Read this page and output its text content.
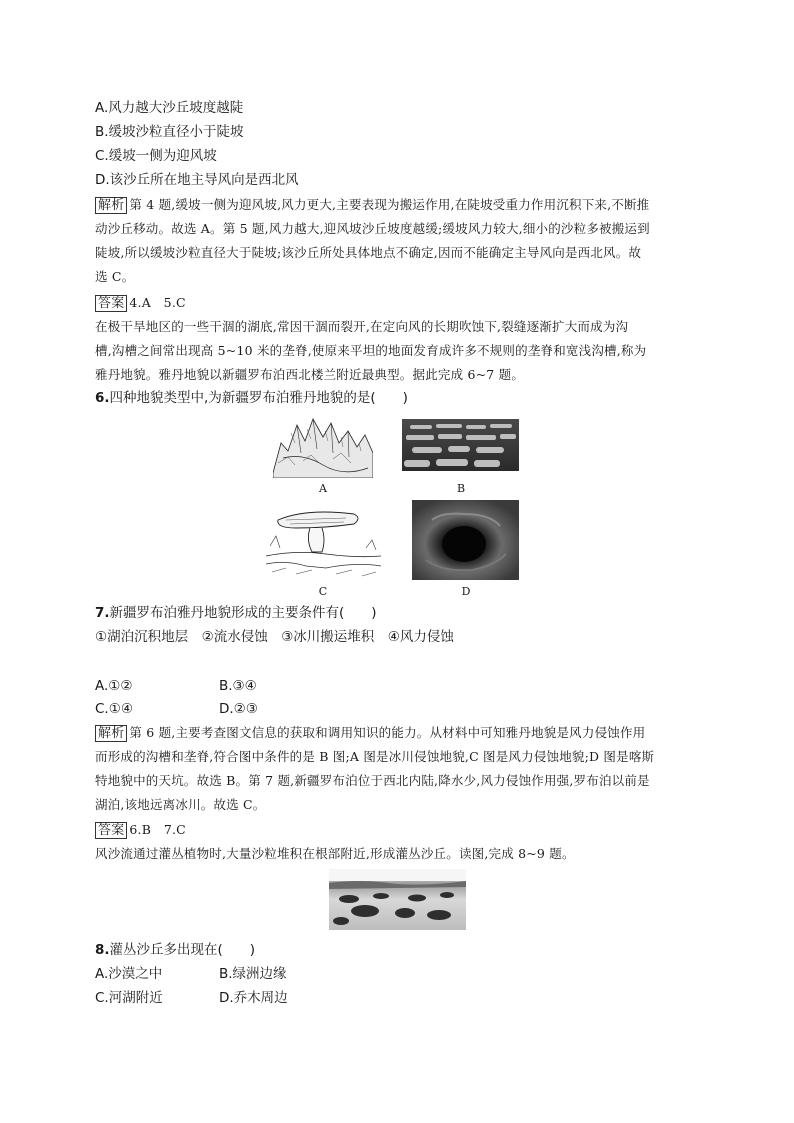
A.风力越大沙丘坡度越陡
B.缓坡沙粒直径小于陡坡
C.缓坡一侧为迎风坡
D.该沙丘所在地主导风向是西北风
解析 第 4 题,缓坡一侧为迎风坡,风力更大,主要表现为搬运作用,在陡坡受重力作用沉积下来,不断推
动沙丘移动。故选 A。第 5 题,风力越大,迎风坡沙丘坡度越缓;缓坡风力较大,细小的沙粒多被搬运到
陡坡,所以缓坡沙粒直径大于陡坡;该沙丘所处具体地点不确定,因而不能确定主导风向是西北风。故
选 C。
答案 4.A　5.C
在极干旱地区的一些干涸的湖底,常因干涸而裂开,在定向风的长期吹蚀下,裂缝逐渐扩大而成为沟
槽,沟槽之间常出现高 5~10 米的垄脊,使原来平坦的地面发育成许多不规则的垄脊和宽浅沟槽,称为
雅丹地貌。雅丹地貌以新疆罗布泊西北楼兰附近最典型。据此完成 6~7 题。
6.四种地貌类型中,为新疆罗布泊雅丹地貌的是(　　)
A	B
C	D
7.新疆罗布泊雅丹地貌形成的主要条件有(　　)
①湖泊沉积地层　②流水侵蚀　③冰川搬运堆积　④风力侵蚀
A.①②	B.③④
C.①④	D.②③
解析 第 6 题,主要考查图文信息的获取和调用知识的能力。从材料中可知雅丹地貌是风力侵蚀作用
而形成的沟槽和垄脊,符合图中条件的是 B 图;A 图是冰川侵蚀地貌,C 图是风力侵蚀地貌;D 图是喀斯
特地貌中的天坑。故选 B。第 7 题,新疆罗布泊位于西北内陆,降水少,风力侵蚀作用强,罗布泊以前是
湖泊,该地远离冰川。故选 C。
答案 6.B　7.C
风沙流通过灌丛植物时,大量沙粒堆积在根部附近,形成灌丛沙丘。读图,完成 8~9 题。
8.灌丛沙丘多出现在(　　)
A.沙漠之中	B.绿洲边缘
C.河湖附近	D.乔木周边
